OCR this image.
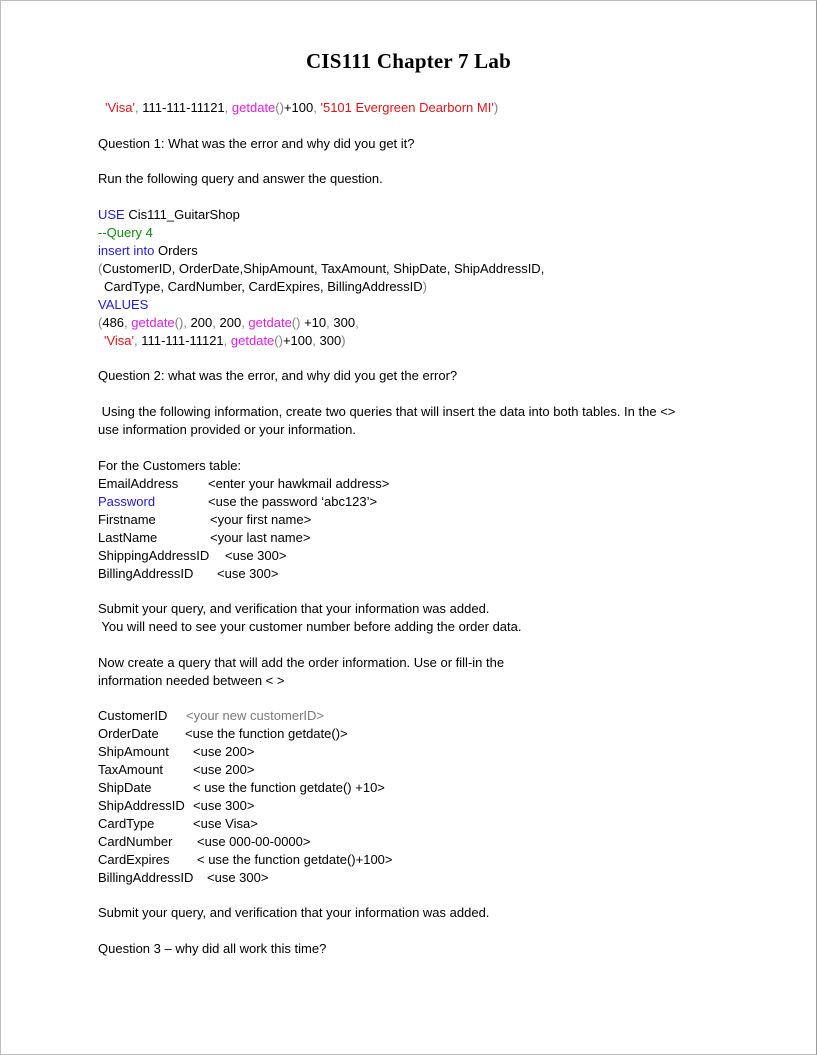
CIS111 Chapter 7 Lab
'Visa', 111-111-11121, getdate()+100, '5101 Evergreen Dearborn MI')
Question 1: What was the error and why did you get it?
Run the following query and answer the question.
USE Cis111_GuitarShop
--Query 4
insert into Orders
(CustomerID, OrderDate,ShipAmount, TaxAmount, ShipDate, ShipAddressID,
CardType, CardNumber, CardExpires, BillingAddressID)
VALUES
(486, getdate(), 200, 200, getdate() +10, 300,
'Visa', 111-111-11121, getdate()+100, 300)
Question 2: what was the error, and why did you get the error?
Using the following information, create two queries that will insert the data into both tables. In the <>
use information provided or your information.
For the Customers table:
EmailAddress <enter your hawkmail address>
Password	<use the password ‘abc123’>
Firstname	<your first name>
LastName	<your last name>
ShippingAddressID <use 300>
BillingAddressID <use 300>
Submit your query, and verification that your information was added.
You will need to see your customer number before adding the order data.
Now create a query that will add the order information. Use or fill-in the
information needed between < >
CustomerID <your new customerID>
OrderDate <use the function getdate()>
ShipAmount <use 200>
TaxAmount <use 200>
ShipDate	< use the function getdate() +10>
ShipAddressID <use 300>
CardType	<use Visa>
CardNumber <use 000-00-0000>
CardExpires < use the function getdate()+100>
BillingAddressID <use 300>
Submit your query, and verification that your information was added.
Question 3 – why did all work this time?
